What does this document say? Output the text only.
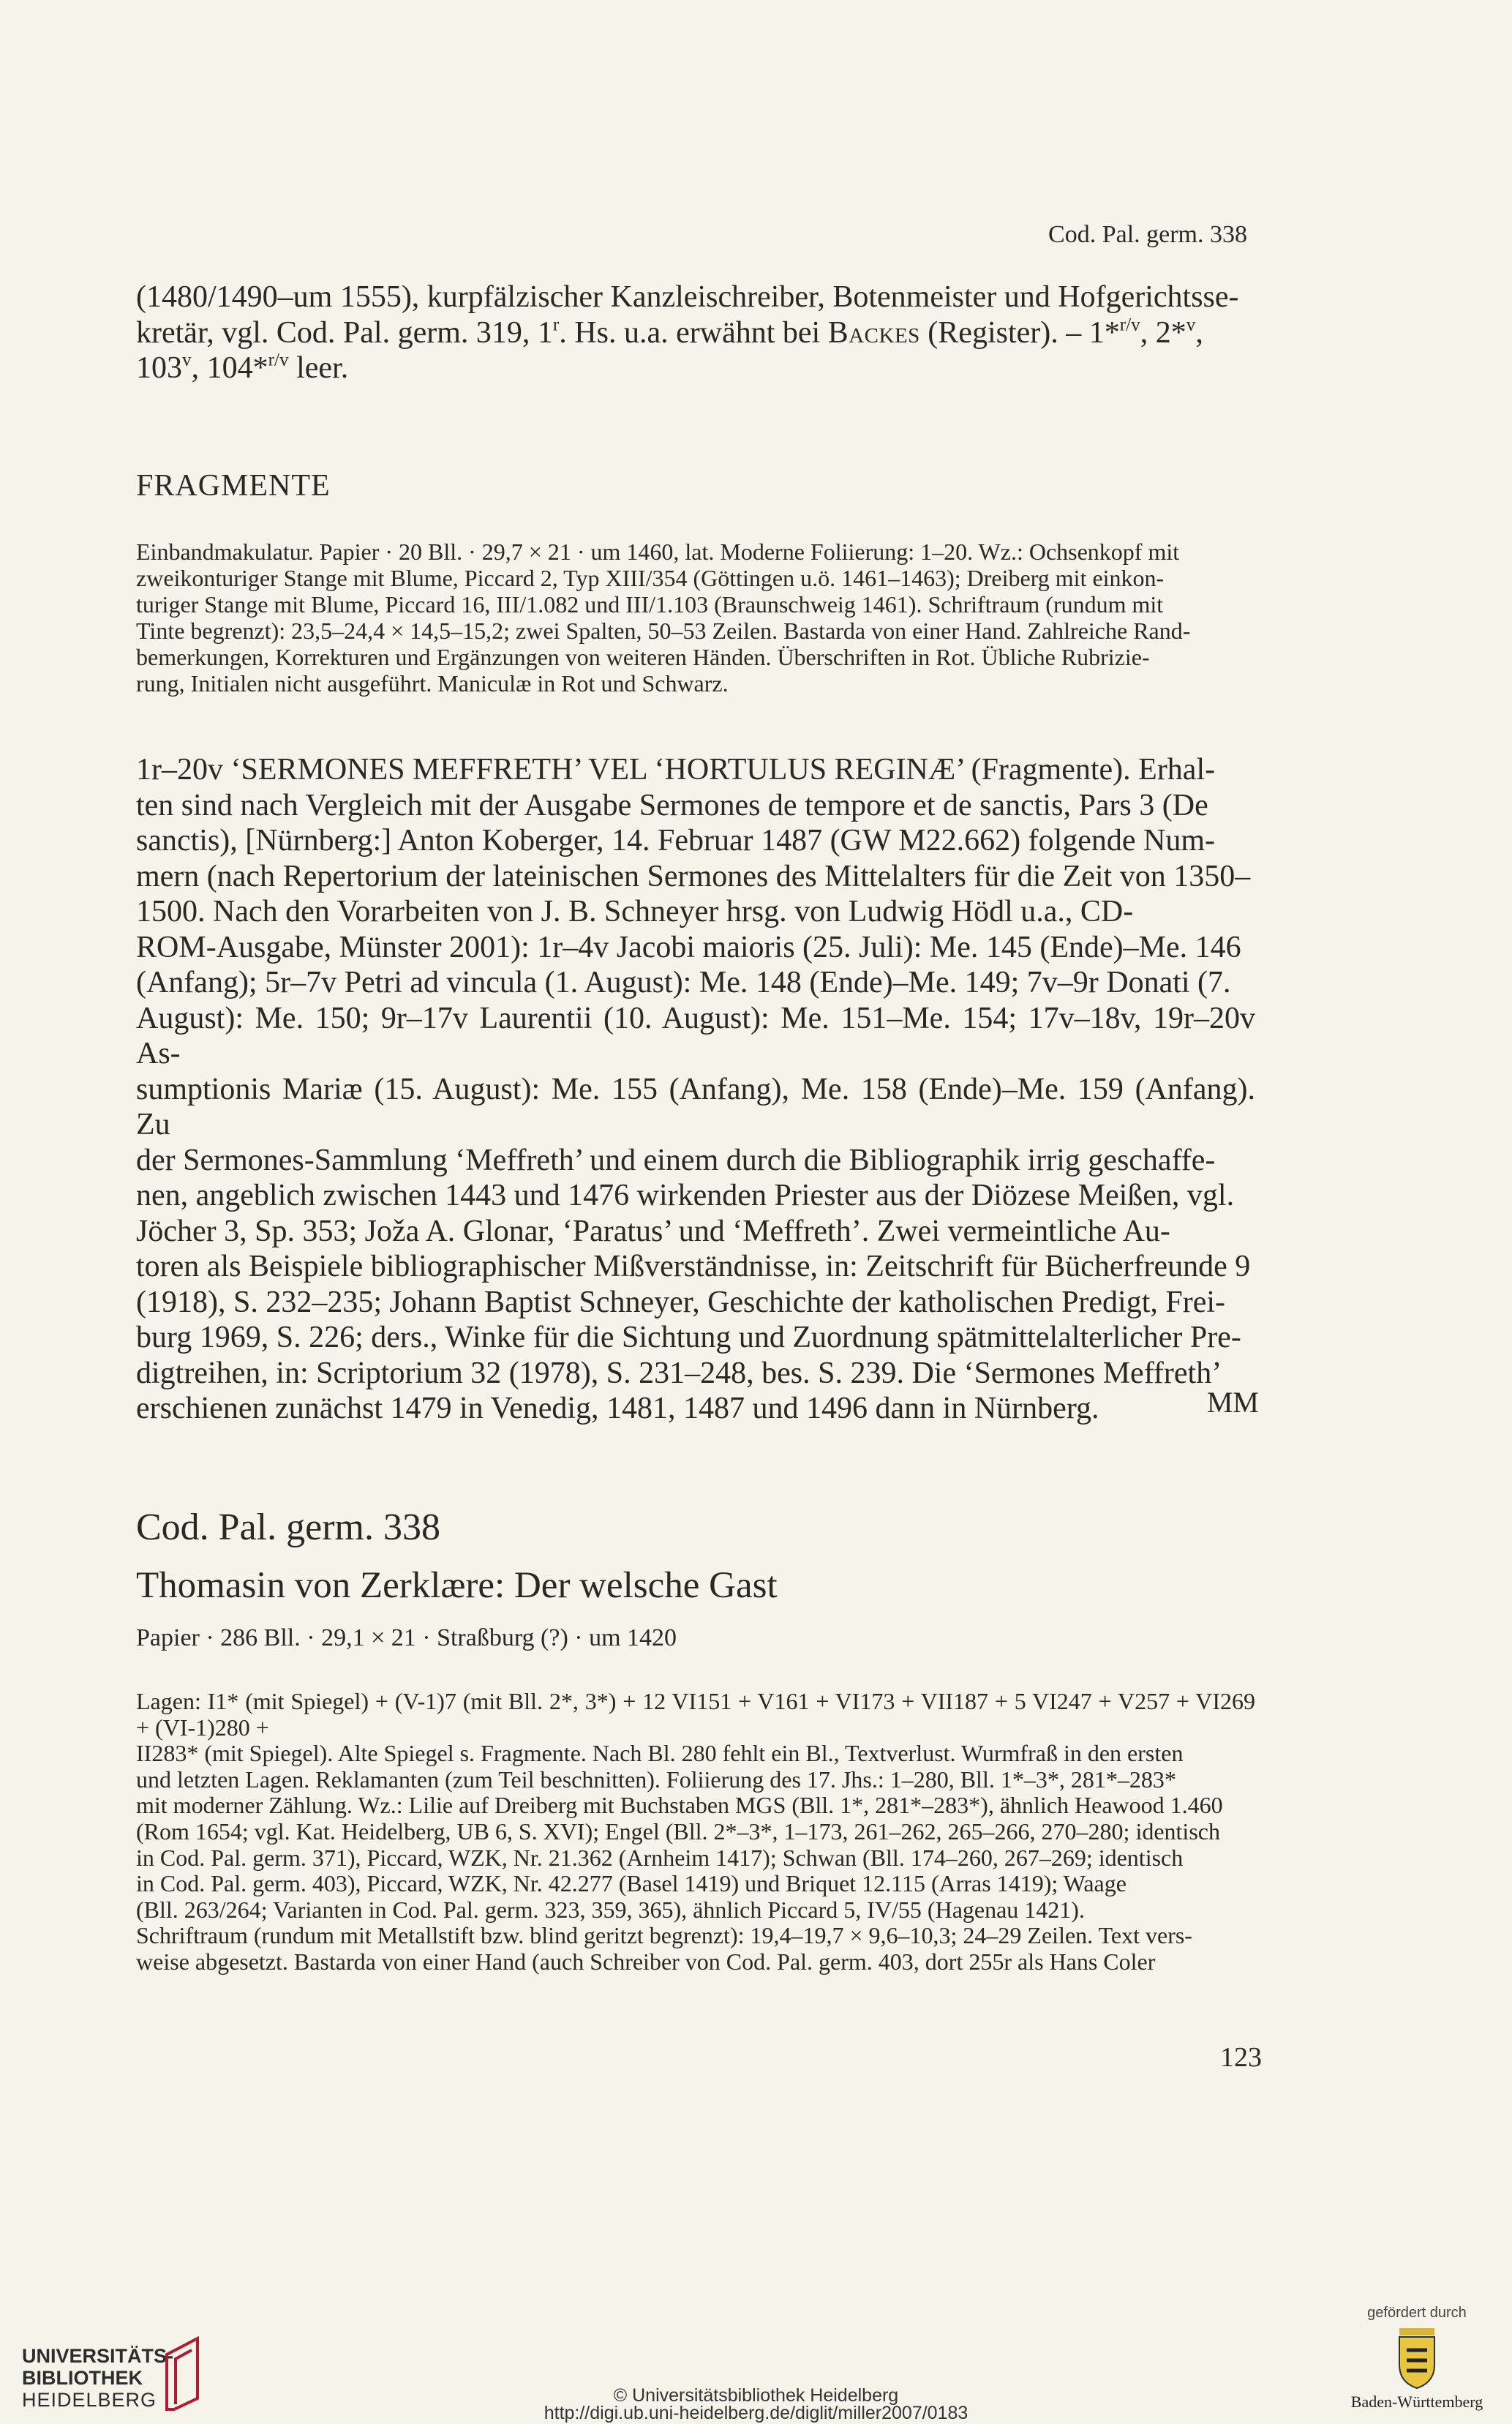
Cod. Pal. germ. 338
(1480/1490–um 1555), kurpfälzischer Kanzleischreiber, Botenmeister und Hofgerichtsse-
kretär, vgl. Cod. Pal. germ. 319, 1$^r$. Hs. u.a. erwähnt bei Backes (Register). – 1*$^{r/v}$, 2*$^v$,
103$^v$, 104*$^{r/v}$ leer.
FRAGMENTE
Einbandmakulatur. Papier · 20 Bll. · 29,7 × 21 · um 1460, lat. Moderne Foliierung: 1–20. Wz.: Ochsenkopf mit
zweikonturiger Stange mit Blume, Piccard 2, Typ XIII/354 (Göttingen u.ö. 1461–1463); Dreiberg mit einkon-
turiger Stange mit Blume, Piccard 16, III/1.082 und III/1.103 (Braunschweig 1461). Schriftraum (rundum mit
Tinte begrenzt): 23,5–24,4 × 14,5–15,2; zwei Spalten, 50–53 Zeilen. Bastarda von einer Hand. Zahlreiche Rand-
bemerkungen, Korrekturen und Ergänzungen von weiteren Händen. Überschriften in Rot. Übliche Rubrizie-
rung, Initialen nicht ausgeführt. Maniculæ in Rot und Schwarz.
1r–20v ‘SERMONES MEFFRETH’ VEL ‘HORTULUS REGINÆ’ (Fragmente). Erhal-
ten sind nach Vergleich mit der Ausgabe Sermones de tempore et de sanctis, Pars 3 (De
sanctis), [Nürnberg:] Anton Koberger, 14. Februar 1487 (GW M22.662) folgende Num-
mern (nach Repertorium der lateinischen Sermones des Mittelalters für die Zeit von 1350–
1500. Nach den Vorarbeiten von J. B. Schneyer hrsg. von Ludwig Hödl u.a., CD-
ROM-Ausgabe, Münster 2001): 1r–4v Jacobi maioris (25. Juli): Me. 145 (Ende)–Me. 146
(Anfang); 5r–7v Petri ad vincula (1. August): Me. 148 (Ende)–Me. 149; 7v–9r Donati (7.
August): Me. 150; 9r–17v Laurentii (10. August): Me. 151–Me. 154; 17v–18v, 19r–20v As-
sumptionis Mariæ (15. August): Me. 155 (Anfang), Me. 158 (Ende)–Me. 159 (Anfang). Zu
der Sermones-Sammlung ‘Meffreth’ und einem durch die Bibliographik irrig geschaffe-
nen, angeblich zwischen 1443 und 1476 wirkenden Priester aus der Diözese Meißen, vgl.
Jöcher 3, Sp. 353; Joža A. Glonar, ‘Paratus’ und ‘Meffreth’. Zwei vermeintliche Au-
toren als Beispiele bibliographischer Mißverständnisse, in: Zeitschrift für Bücherfreunde 9
(1918), S. 232–235; Johann Baptist Schneyer, Geschichte der katholischen Predigt, Frei-
burg 1969, S. 226; ders., Winke für die Sichtung und Zuordnung spätmittelalterlicher Pre-
digtreihen, in: Scriptorium 32 (1978), S. 231–248, bes. S. 239. Die ‘Sermones Meffreth’
erschienen zunächst 1479 in Venedig, 1481, 1487 und 1496 dann in Nürnberg.	MM
Cod. Pal. germ. 338
Thomasin von Zerklære: Der welsche Gast
Papier · 286 Bll. · 29,1 × 21 · Straßburg (?) · um 1420
Lagen: I1* (mit Spiegel) + (V-1)7 (mit Bll. 2*, 3*) + 12 VI151 + V161 + VI173 + VII187 + 5 VI247 + V257 + VI269 + (VI-1)280 +
II283* (mit Spiegel). Alte Spiegel s. Fragmente. Nach Bl. 280 fehlt ein Bl., Textverlust. Wurmfraß in den ersten
und letzten Lagen. Reklamanten (zum Teil beschnitten). Foliierung des 17. Jhs.: 1–280, Bll. 1*–3*, 281*–283*
mit moderner Zählung. Wz.: Lilie auf Dreiberg mit Buchstaben MGS (Bll. 1*, 281*–283*), ähnlich Heawood 1.460
(Rom 1654; vgl. Kat. Heidelberg, UB 6, S. XVI); Engel (Bll. 2*–3*, 1–173, 261–262, 265–266, 270–280; identisch
in Cod. Pal. germ. 371), Piccard, WZK, Nr. 21.362 (Arnheim 1417); Schwan (Bll. 174–260, 267–269; identisch
in Cod. Pal. germ. 403), Piccard, WZK, Nr. 42.277 (Basel 1419) und Briquet 12.115 (Arras 1419); Waage
(Bll. 263/264; Varianten in Cod. Pal. germ. 323, 359, 365), ähnlich Piccard 5, IV/55 (Hagenau 1421).
Schriftraum (rundum mit Metallstift bzw. blind geritzt begrenzt): 19,4–19,7 × 9,6–10,3; 24–29 Zeilen. Text vers-
weise abgesetzt. Bastarda von einer Hand (auch Schreiber von Cod. Pal. germ. 403, dort 255r als Hans Coler
123
UNIVERSITÄTS-
BIBLIOTHEK
HEIDELBERG	© Universitätsbibliothek Heidelberg
http://digi.ub.uni-heidelberg.de/diglit/miller2007/0183
gefördert durch
Baden-Württemberg
